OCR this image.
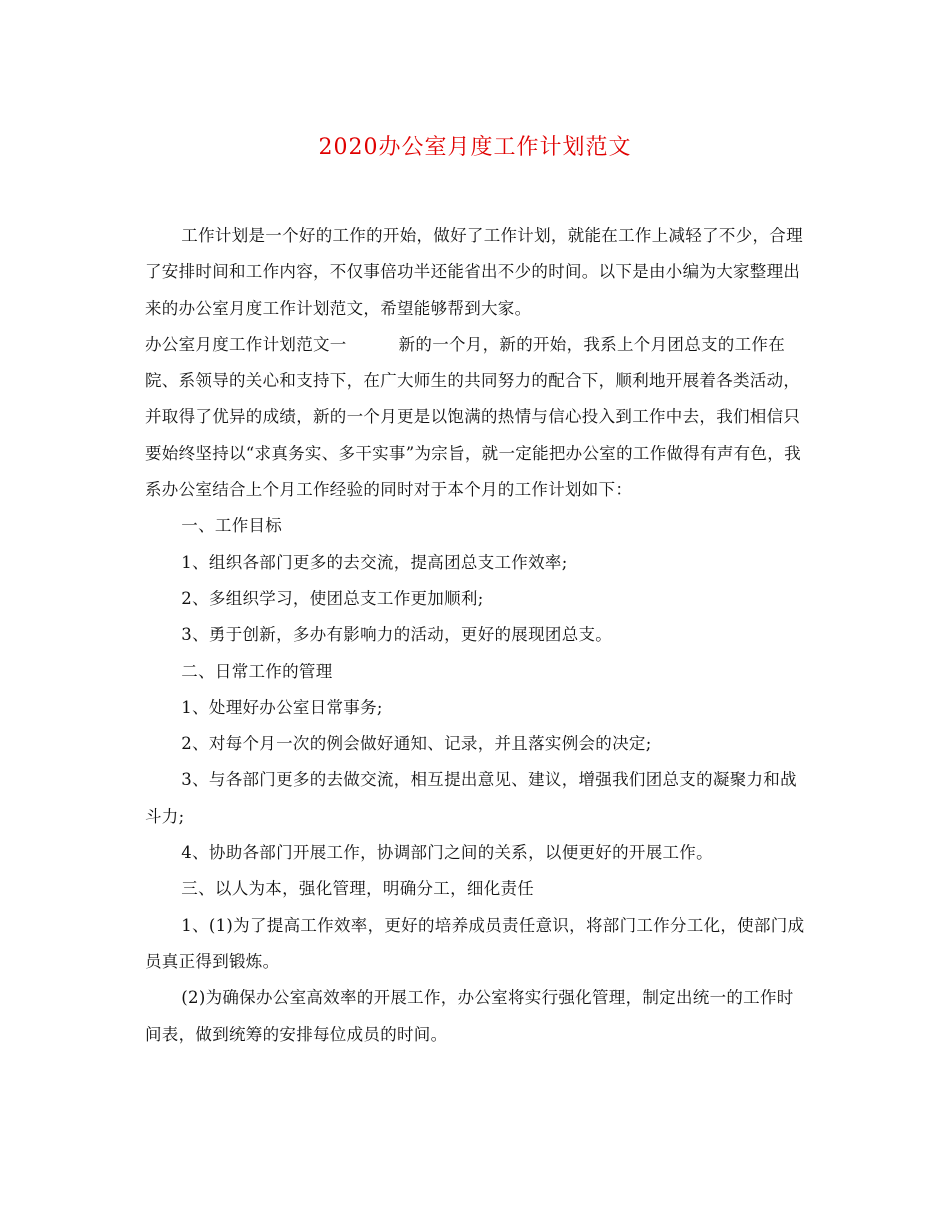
2020办公室月度工作计划范文

工作计划是一个好的工作的开始，做好了工作计划，就能在工作上减轻了不少，合理了安排时间和工作内容，不仅事倍功半还能省出不少的时间。以下是由小编为大家整理出来的办公室月度工作计划范文，希望能够帮到大家。

办公室月度工作计划范文一	新的一个月，新的开始，我系上个月团总支的工作在院、系领导的关心和支持下，在广大师生的共同努力的配合下，顺利地开展着各类活动，并取得了优异的成绩，新的一个月更是以饱满的热情与信心投入到工作中去，我们相信只要始终坚持以“求真务实、多干实事”为宗旨，就一定能把办公室的工作做得有声有色，我系办公室结合上个月工作经验的同时对于本个月的工作计划如下：

一、工作目标

1、组织各部门更多的去交流，提高团总支工作效率;

2、多组织学习，使团总支工作更加顺利;

3、勇于创新，多办有影响力的活动，更好的展现团总支。

二、日常工作的管理

1、处理好办公室日常事务;

2、对每个月一次的例会做好通知、记录，并且落实例会的决定;

3、与各部门更多的去做交流，相互提出意见、建议，增强我们团总支的凝聚力和战斗力;

4、协助各部门开展工作，协调部门之间的关系，以便更好的开展工作。

三、以人为本，强化管理，明确分工，细化责任

1、(1)为了提高工作效率，更好的培养成员责任意识，将部门工作分工化，使部门成员真正得到锻炼。

(2)为确保办公室高效率的开展工作，办公室将实行强化管理，制定出统一的工作时间表，做到统筹的安排每位成员的时间。
